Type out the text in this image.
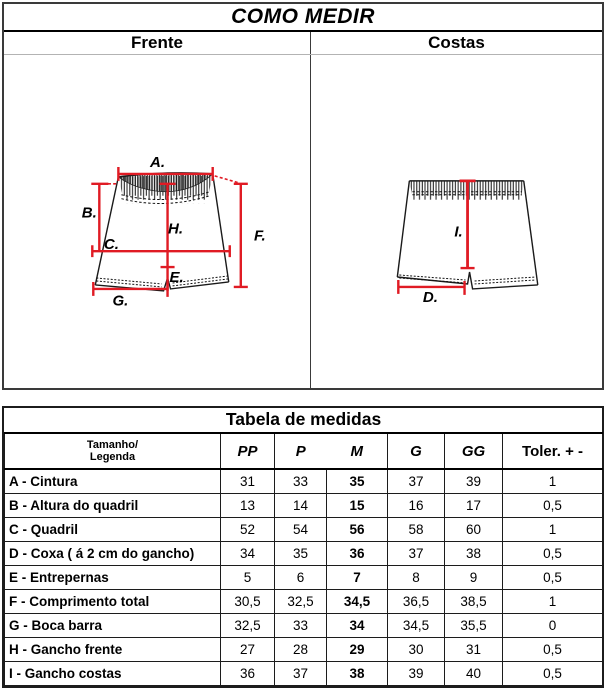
COMO MEDIR
Frente	Costas
A.
B.
C.
H.
E.
F.
G.
I.
D.
Tabela de medidas						

Tamanho/
Legenda	PP	P	M	G	GG	Toler. + -
A - Cintura	31	33	35	37	39	1
B - Altura do quadril	13	14	15	16	17	0,5
C - Quadril	52	54	56	58	60	1
D - Coxa ( á 2 cm do gancho)	34	35	36	37	38	0,5
E - Entrepernas	5	6	7	8	9	0,5
F - Comprimento total	30,5	32,5	34,5	36,5	38,5	1
G - Boca barra	32,5	33	34	34,5	35,5	0
H - Gancho frente	27	28	29	30	31	0,5
I - Gancho costas	36	37	38	39	40	0,5
